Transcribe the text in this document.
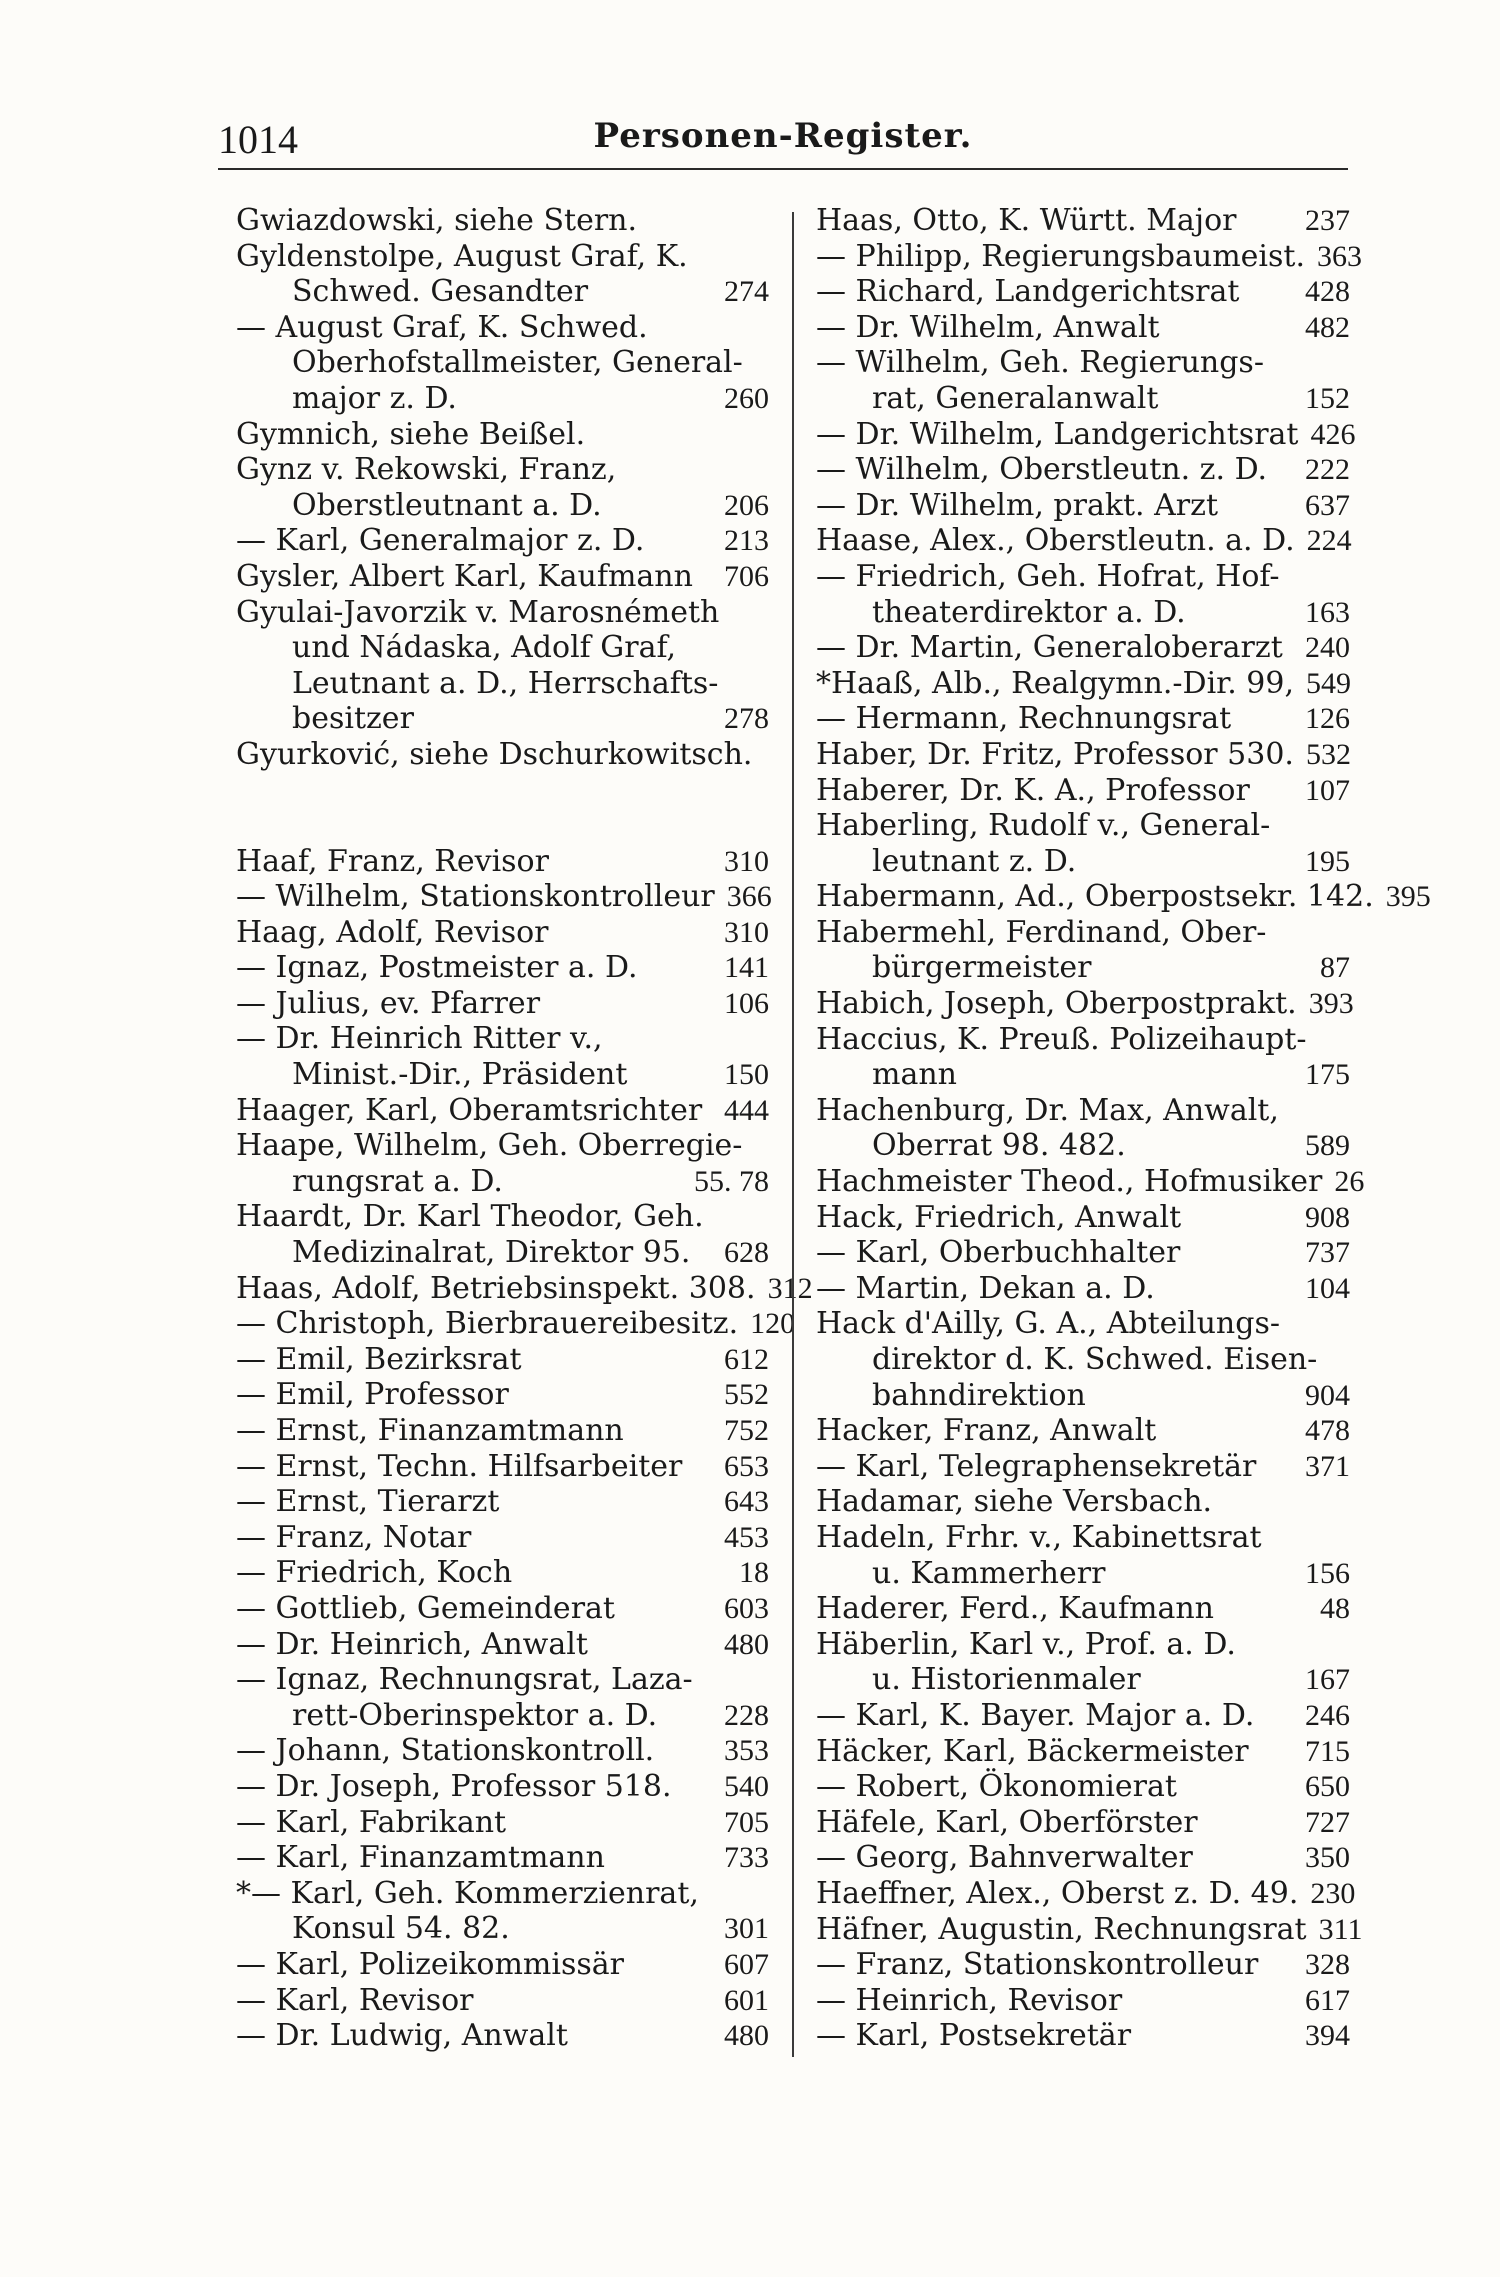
1014	Personen-Register.
Gwiazdowski, siehe Stern.
Gyldenstolpe, August Graf, K.
Schwed. Gesandter	274
— August Graf, K. Schwed.
Oberhofstallmeister, General-
major z. D.	260
Gymnich, siehe Beißel.
Gynz v. Rekowski, Franz,
Oberstleutnant a. D.	206
— Karl, Generalmajor z. D.	213
Gysler, Albert Karl, Kaufmann	706
Gyulai-Javorzik v. Marosnémeth
und Nádaska, Adolf Graf,
Leutnant a. D., Herrschafts-
besitzer	278
Gyurković, siehe Dschurkowitsch.
Haaf, Franz, Revisor	310
— Wilhelm, Stationskontrolleur 366
Haag, Adolf, Revisor	310
— Ignaz, Postmeister a. D.	141
— Julius, ev. Pfarrer	106
— Dr. Heinrich Ritter v.,
Minist.-Dir., Präsident	150
Haager, Karl, Oberamtsrichter 444
Haape, Wilhelm, Geh. Oberregie-
rungsrat a. D.	55. 78
Haardt, Dr. Karl Theodor, Geh.
Medizinalrat, Direktor 95.	628
Haas, Adolf, Betriebsinspekt. 308. 312
— Christoph, Bierbrauereibesitz. 120
— Emil, Bezirksrat	612
— Emil, Professor	552
— Ernst, Finanzamtmann	752
— Ernst, Techn. Hilfsarbeiter	653
— Ernst, Tierarzt	643
— Franz, Notar	453
— Friedrich, Koch	18
— Gottlieb, Gemeinderat	603
— Dr. Heinrich, Anwalt	480
— Ignaz, Rechnungsrat, Laza-
rett-Oberinspektor a. D.	228
— Johann, Stationskontroll.	353
— Dr. Joseph, Professor 518.	540
— Karl, Fabrikant	705
— Karl, Finanzamtmann	733
*— Karl, Geh. Kommerzienrat,
Konsul 54. 82.	301
— Karl, Polizeikommissär	607
— Karl, Revisor	601
— Dr. Ludwig, Anwalt	480
Haas, Otto, K. Württ. Major	237
— Philipp, Regierungsbaumeist. 363
— Richard, Landgerichtsrat	428
— Dr. Wilhelm, Anwalt	482
— Wilhelm, Geh. Regierungs-
rat, Generalanwalt	152
— Dr. Wilhelm, Landgerichtsrat 426
— Wilhelm, Oberstleutn. z. D.	222
— Dr. Wilhelm, prakt. Arzt	637
Haase, Alex., Oberstleutn. a. D. 224
— Friedrich, Geh. Hofrat, Hof-
theaterdirektor a. D.	163
— Dr. Martin, Generaloberarzt 240
*Haaß, Alb., Realgymn.-Dir. 99, 549
— Hermann, Rechnungsrat	126
Haber, Dr. Fritz, Professor 530. 532
Haberer, Dr. K. A., Professor	107
Haberling, Rudolf v., General-
leutnant z. D.	195
Habermann, Ad., Oberpostsekr. 142. 395
Habermehl, Ferdinand, Ober-
bürgermeister	87
Habich, Joseph, Oberpostprakt. 393
Haccius, K. Preuß. Polizeihaupt-
mann	175
Hachenburg, Dr. Max, Anwalt,
Oberrat 98. 482.	589
Hachmeister Theod., Hofmusiker 26
Hack, Friedrich, Anwalt	908
— Karl, Oberbuchhalter	737
— Martin, Dekan a. D.	104
Hack d'Ailly, G. A., Abteilungs-
direktor d. K. Schwed. Eisen-
bahndirektion	904
Hacker, Franz, Anwalt	478
— Karl, Telegraphensekretär	371
Hadamar, siehe Versbach.
Hadeln, Frhr. v., Kabinettsrat
u. Kammerherr	156
Haderer, Ferd., Kaufmann	48
Häberlin, Karl v., Prof. a. D.
u. Historienmaler	167
— Karl, K. Bayer. Major a. D.	246
Häcker, Karl, Bäckermeister	715
— Robert, Ökonomierat	650
Häfele, Karl, Oberförster	727
— Georg, Bahnverwalter	350
Haeffner, Alex., Oberst z. D. 49. 230
Häfner, Augustin, Rechnungsrat 311
— Franz, Stationskontrolleur	328
— Heinrich, Revisor	617
— Karl, Postsekretär	394
